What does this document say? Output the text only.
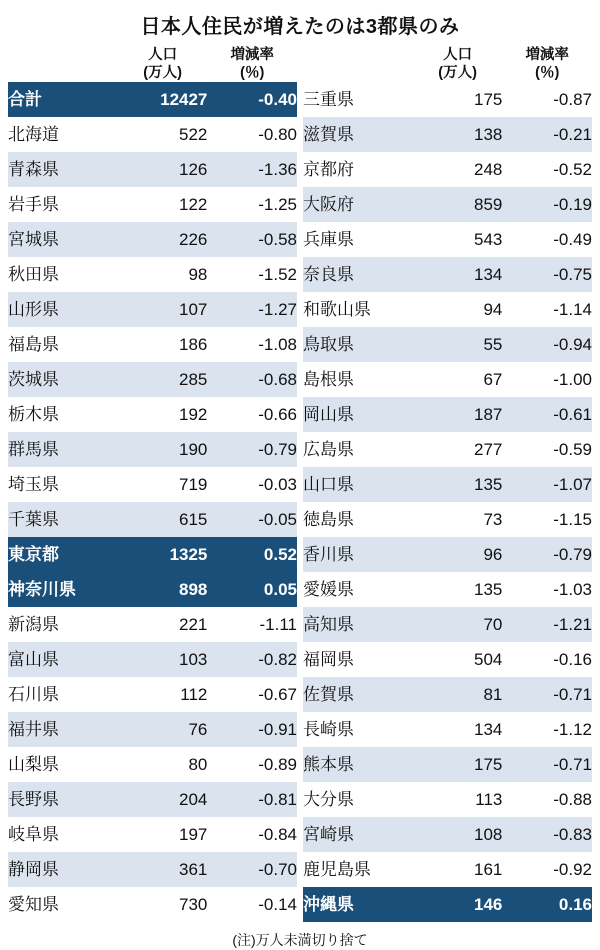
日本人住民が増えたのは3都県のみ
	人口
(万人)	増減率
(％)

合計	12427	-0.40
北海道	522	-0.80
青森県	126	-1.36
岩手県	122	-1.25
宮城県	226	-0.58
秋田県	98	-1.52
山形県	107	-1.27
福島県	186	-1.08
茨城県	285	-0.68
栃木県	192	-0.66
群馬県	190	-0.79
埼玉県	719	-0.03
千葉県	615	-0.05
東京都	1325	0.52
神奈川県	898	0.05
新潟県	221	-1.11
富山県	103	-0.82
石川県	112	-0.67
福井県	76	-0.91
山梨県	80	-0.89
長野県	204	-0.81
岐阜県	197	-0.84
静岡県	361	-0.70
愛知県	730	-0.14
	人口
(万人)	増減率
(％)

三重県	175	-0.87
滋賀県	138	-0.21
京都府	248	-0.52
大阪府	859	-0.19
兵庫県	543	-0.49
奈良県	134	-0.75
和歌山県	94	-1.14
鳥取県	55	-0.94
島根県	67	-1.00
岡山県	187	-0.61
広島県	277	-0.59
山口県	135	-1.07
徳島県	73	-1.15
香川県	96	-0.79
愛媛県	135	-1.03
高知県	70	-1.21
福岡県	504	-0.16
佐賀県	81	-0.71
長崎県	134	-1.12
熊本県	175	-0.71
大分県	113	-0.88
宮崎県	108	-0.83
鹿児島県	161	-0.92
沖縄県	146	0.16
(注)万人未満切り捨て
